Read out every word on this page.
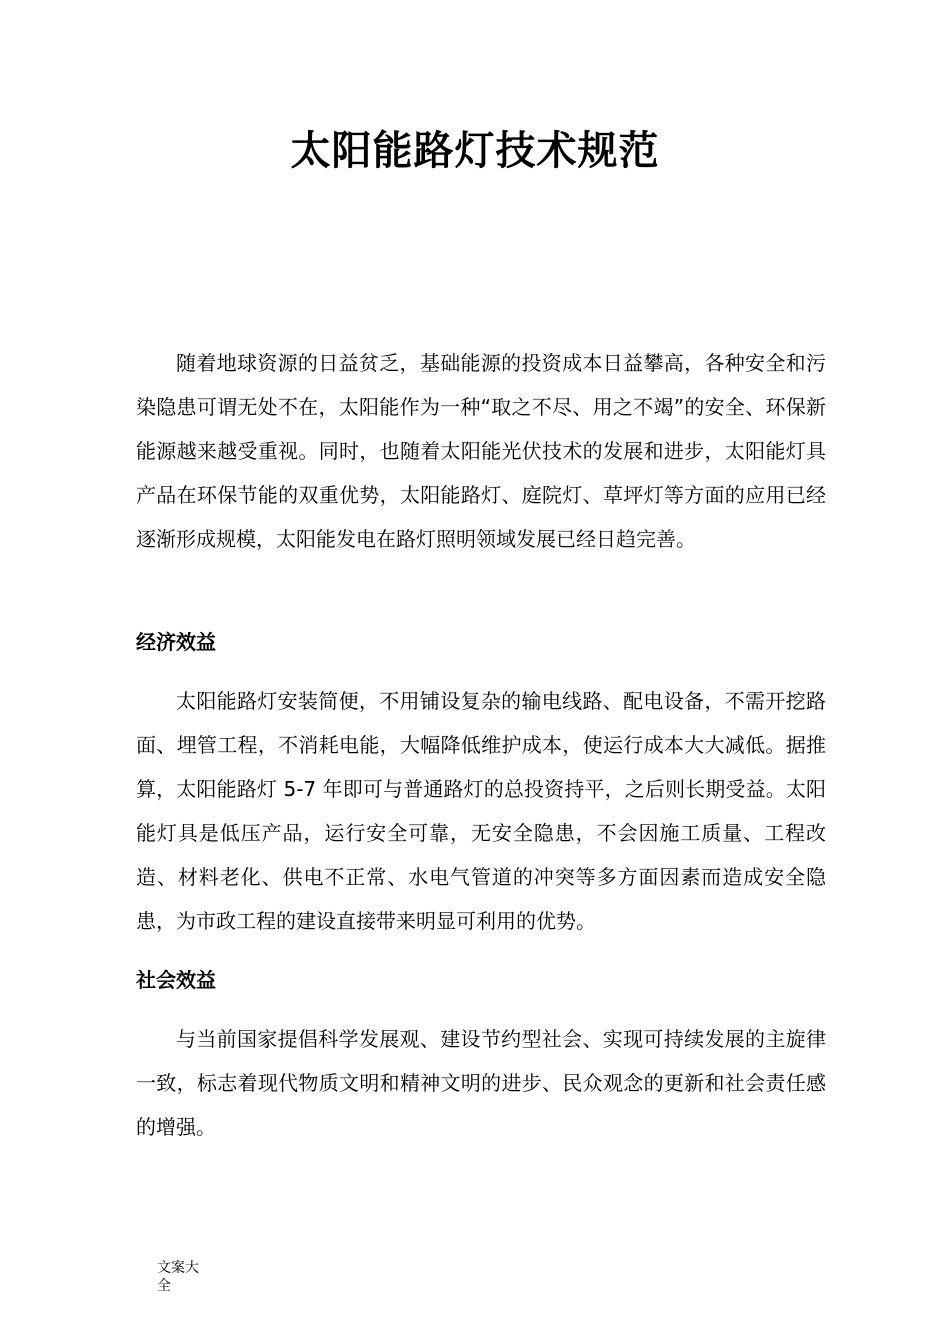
太阳能路灯技术规范

随着地球资源的日益贫乏，基础能源的投资成本日益攀高，各种安全和污染隐患可谓无处不在，太阳能作为一种“取之不尽、用之不竭”的安全、环保新能源越来越受重视。同时，也随着太阳能光伏技术的发展和进步，太阳能灯具产品在环保节能的双重优势，太阳能路灯、庭院灯、草坪灯等方面的应用已经逐渐形成规模，太阳能发电在路灯照明领域发展已经日趋完善。

经济效益

太阳能路灯安装简便，不用铺设复杂的输电线路、配电设备，不需开挖路面、埋管工程，不消耗电能，大幅降低维护成本，使运行成本大大减低。据推算，太阳能路灯 5-7 年即可与普通路灯的总投资持平，之后则长期受益。太阳能灯具是低压产品，运行安全可靠，无安全隐患，不会因施工质量、工程改造、材料老化、供电不正常、水电气管道的冲突等多方面因素而造成安全隐患，为市政工程的建设直接带来明显可利用的优势。

社会效益

与当前国家提倡科学发展观、建设节约型社会、实现可持续发展的主旋律一致，标志着现代物质文明和精神文明的进步、民众观念的更新和社会责任感的增强。

文案大全
